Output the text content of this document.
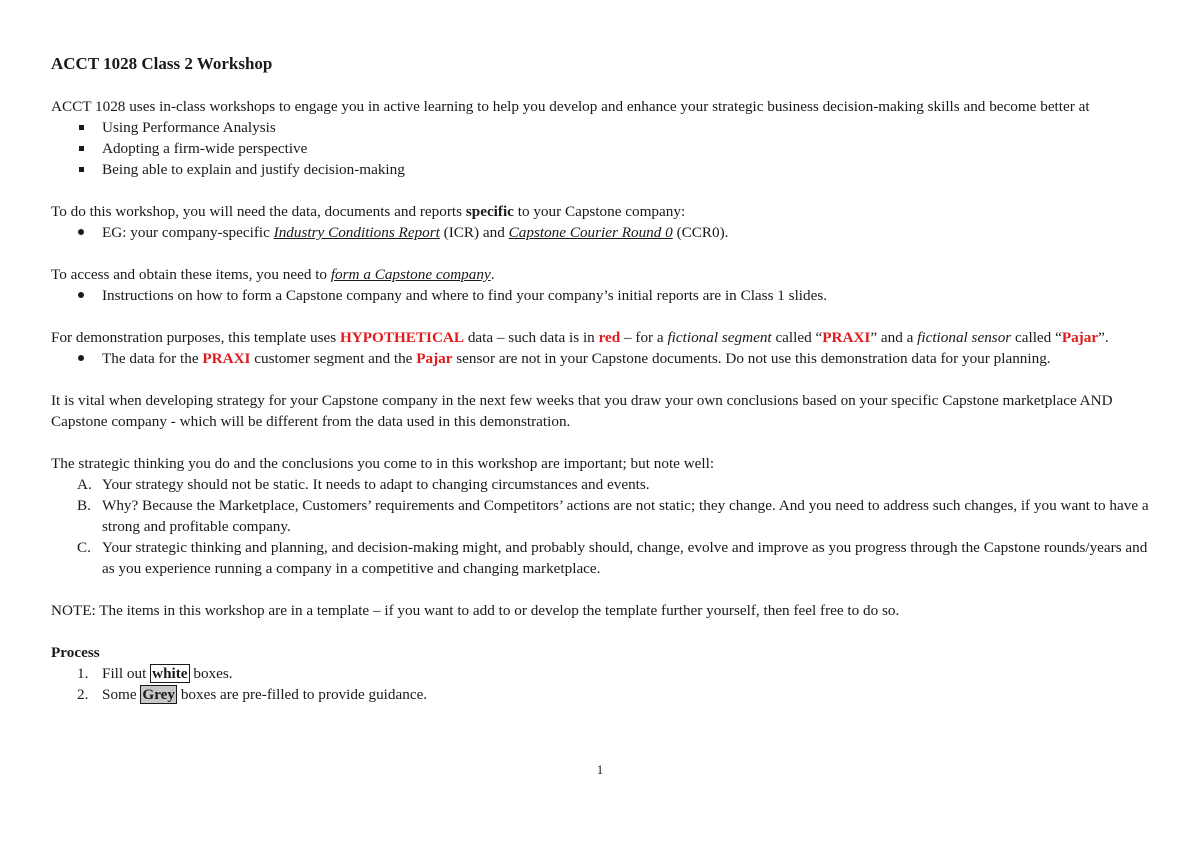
ACCT 1028 Class 2 Workshop

ACCT 1028 uses in-class workshops to engage you in active learning to help you develop and enhance your strategic business decision-making skills and become better at

Using Performance Analysis
Adopting a firm-wide perspective
Being able to explain and justify decision-making

To do this workshop, you will need the data, documents and reports specific to your Capstone company:

EG: your company-specific Industry Conditions Report (ICR) and Capstone Courier Round 0 (CCR0).

To access and obtain these items, you need to form a Capstone company.

Instructions on how to form a Capstone company and where to find your company’s initial reports are in Class 1 slides.

For demonstration purposes, this template uses HYPOTHETICAL data – such data is in red – for a fictional segment called “PRAXI” and a fictional sensor called “Pajar”.

The data for the PRAXI customer segment and the Pajar sensor are not in your Capstone documents. Do not use this demonstration data for your planning.

It is vital when developing strategy for your Capstone company in the next few weeks that you draw your own conclusions based on your specific Capstone marketplace AND Capstone company - which will be different from the data used in this demonstration.

The strategic thinking you do and the conclusions you come to in this workshop are important; but note well:

A. Your strategy should not be static. It needs to adapt to changing circumstances and events.
B. Why? Because the Marketplace, Customers’ requirements and Competitors’ actions are not static; they change. And you need to address such changes, if you want to have a strong and profitable company.
C. Your strategic thinking and planning, and decision-making might, and probably should, change, evolve and improve as you progress through the Capstone rounds/years and as you experience running a company in a competitive and changing marketplace.

NOTE: The items in this workshop are in a template – if you want to add to or develop the template further yourself, then feel free to do so.

Process

1. Fill out white boxes.
2. Some Grey boxes are pre-filled to provide guidance.
1
